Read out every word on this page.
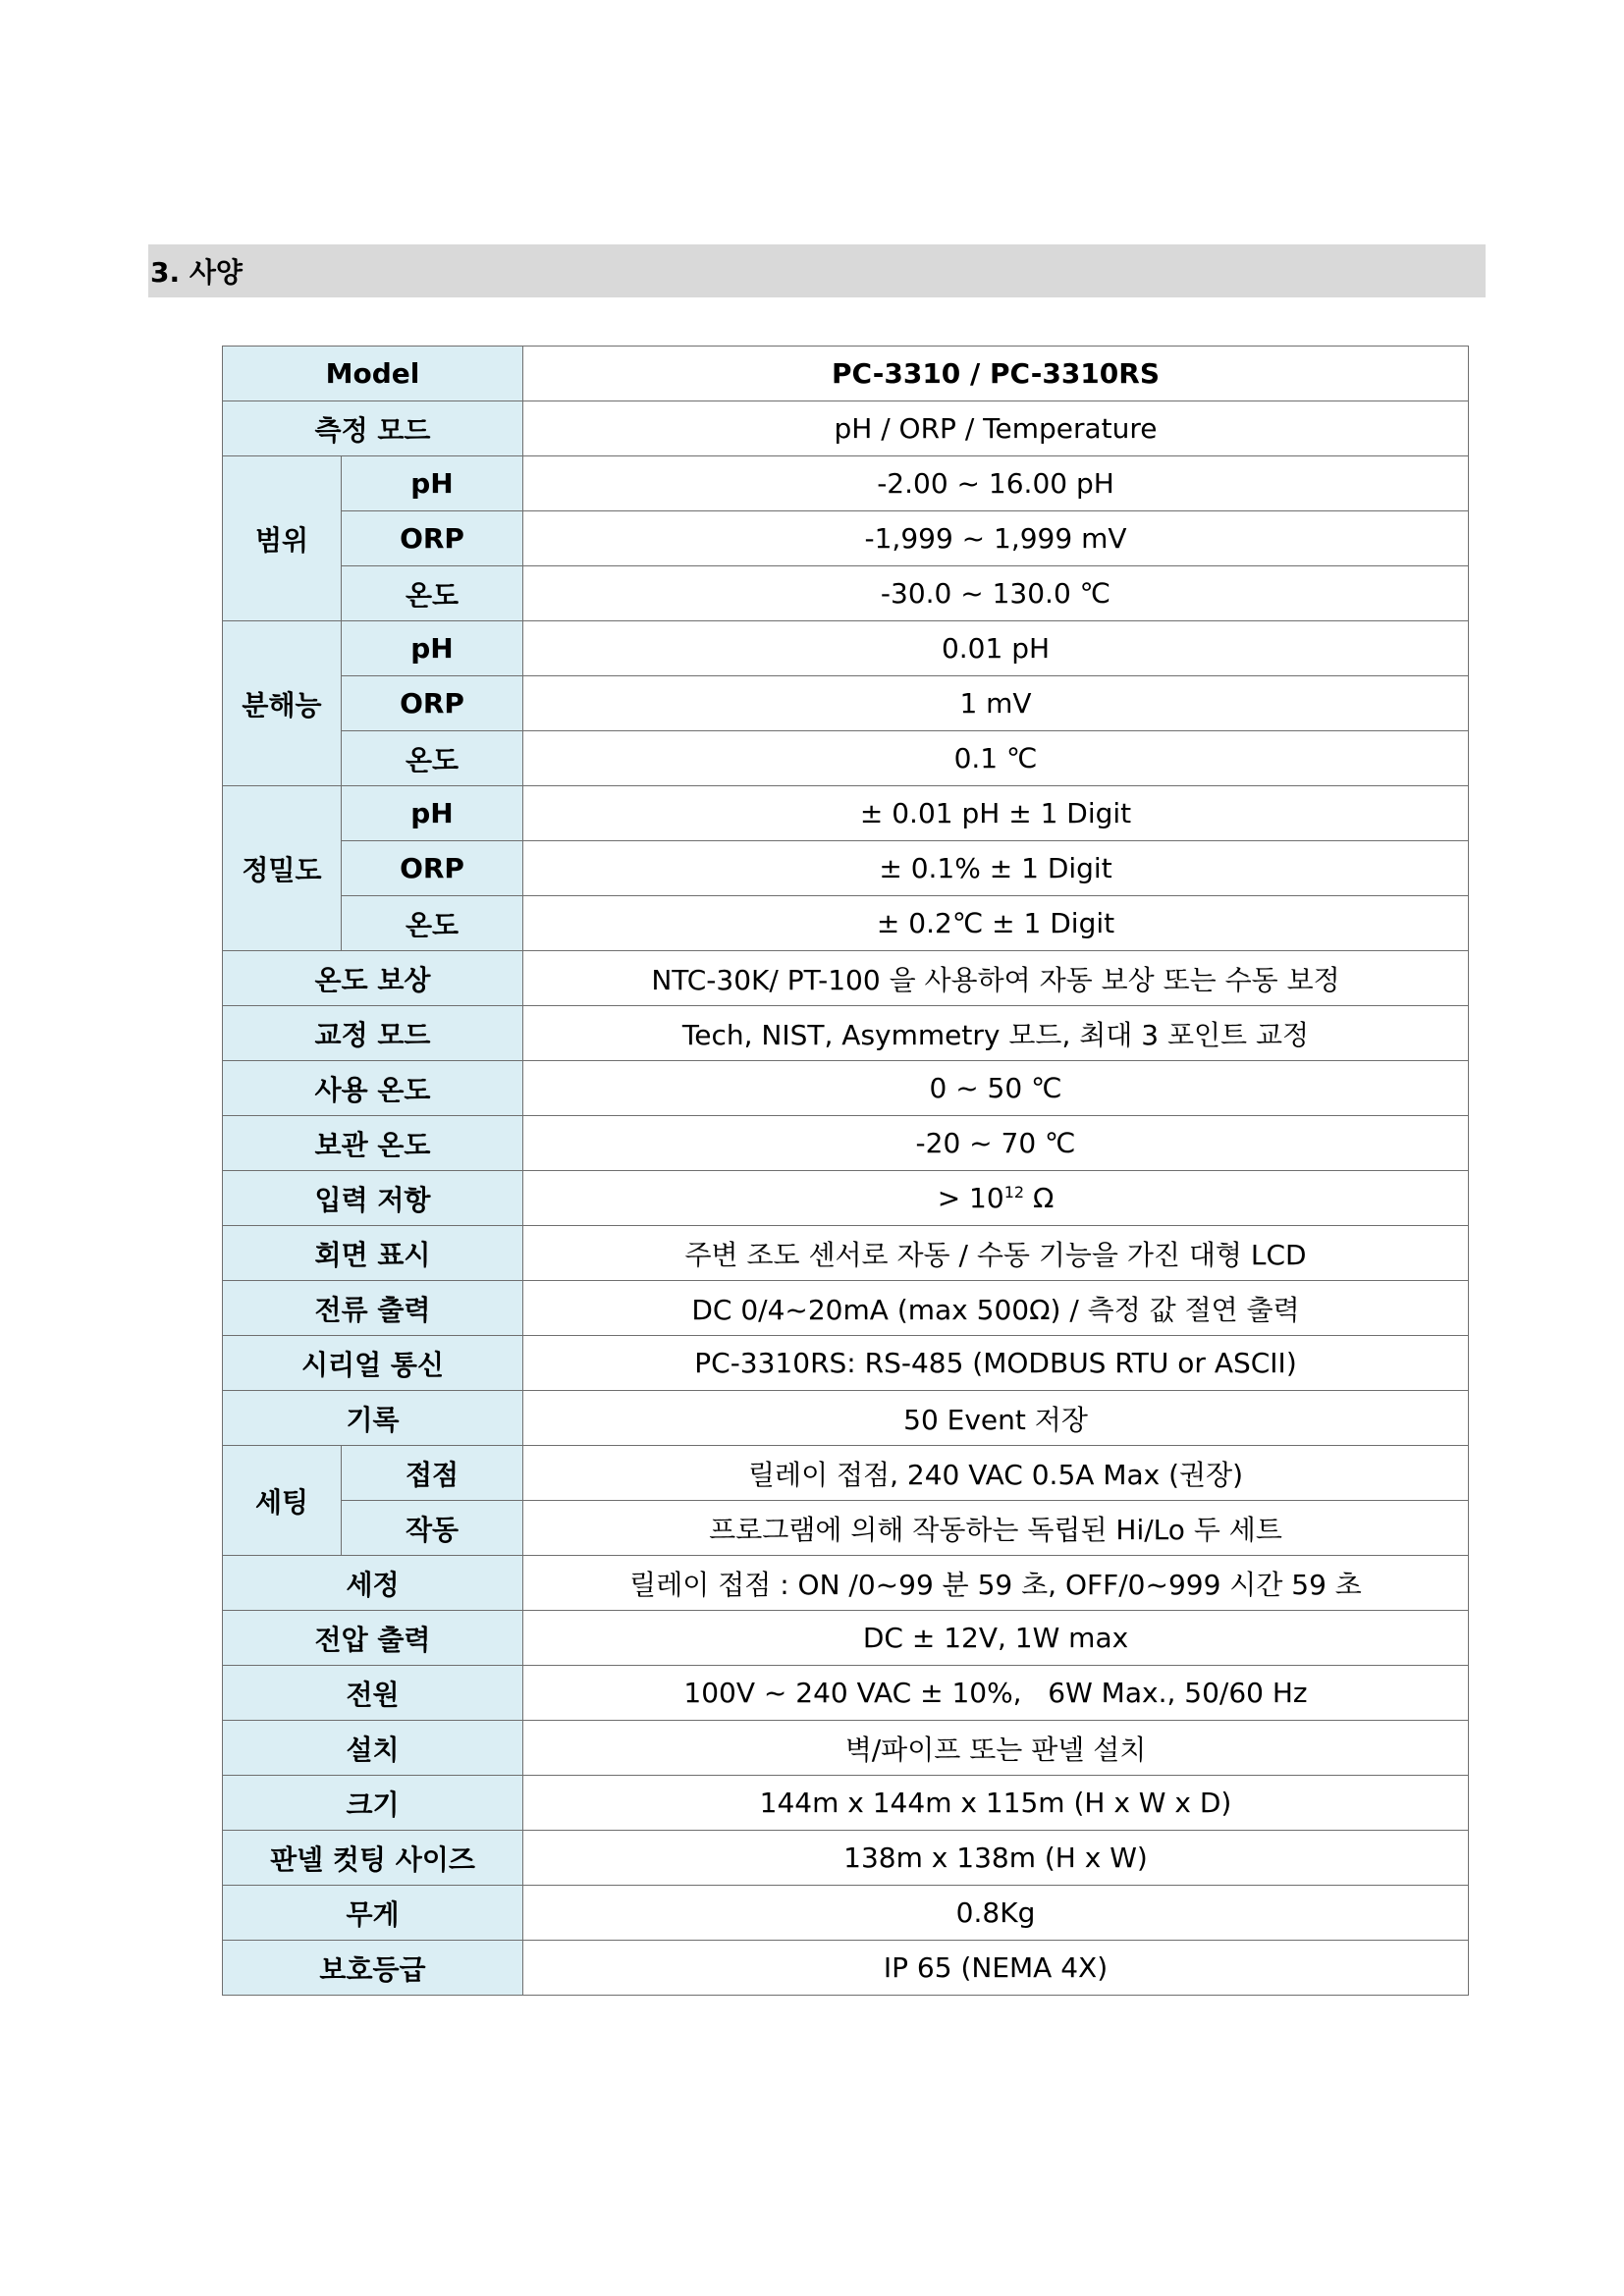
3. 사양
Model		PC-3310 / PC-3310RS
측정 모드		pH / ORP / Temperature
범위	pH	-2.00 ~ 16.00 pH
	ORP	-1,999 ~ 1,999 mV
	온도	-30.0 ~ 130.0 ℃
분해능	pH	0.01 pH
	ORP	1 mV
	온도	0.1 ℃
정밀도	pH	± 0.01 pH ± 1 Digit
	ORP	± 0.1% ± 1 Digit
	온도	± 0.2℃ ± 1 Digit
온도 보상		NTC-30K/ PT-100 을 사용하여 자동 보상 또는 수동 보정
교정 모드		Tech, NIST, Asymmetry 모드, 최대 3 포인트 교정
사용 온도		0 ~ 50 ℃
보관 온도		-20 ~ 70 ℃
입력 저항		> $10^{12}$ Ω
회면 표시		주변 조도 센서로 자동 / 수동 기능을 가진 대형 LCD
전류 출력		DC 0/4~20mA (max 500Ω) / 측정 값 절연 출력
시리얼 통신		PC-3310RS: RS-485 (MODBUS RTU or ASCII)
기록		50 Event 저장
세팅	접점	릴레이 접점, 240 VAC 0.5A Max (권장)
	작동	프로그램에 의해 작동하는 독립된 Hi/Lo 두 세트
세정		릴레이 접점 : ON /0~99 분 59 초, OFF/0~999 시간 59 초
전압 출력		DC ± 12V, 1W max
전원		100V ~ 240 VAC ± 10%,   6W Max., 50/60 Hz
설치		벽/파이프 또는 판넬 설치
크기		144m x 144m x 115m (H x W x D)
판넬 컷팅 사이즈		138m x 138m (H x W)
무게		0.8Kg
보호등급		IP 65 (NEMA 4X)
